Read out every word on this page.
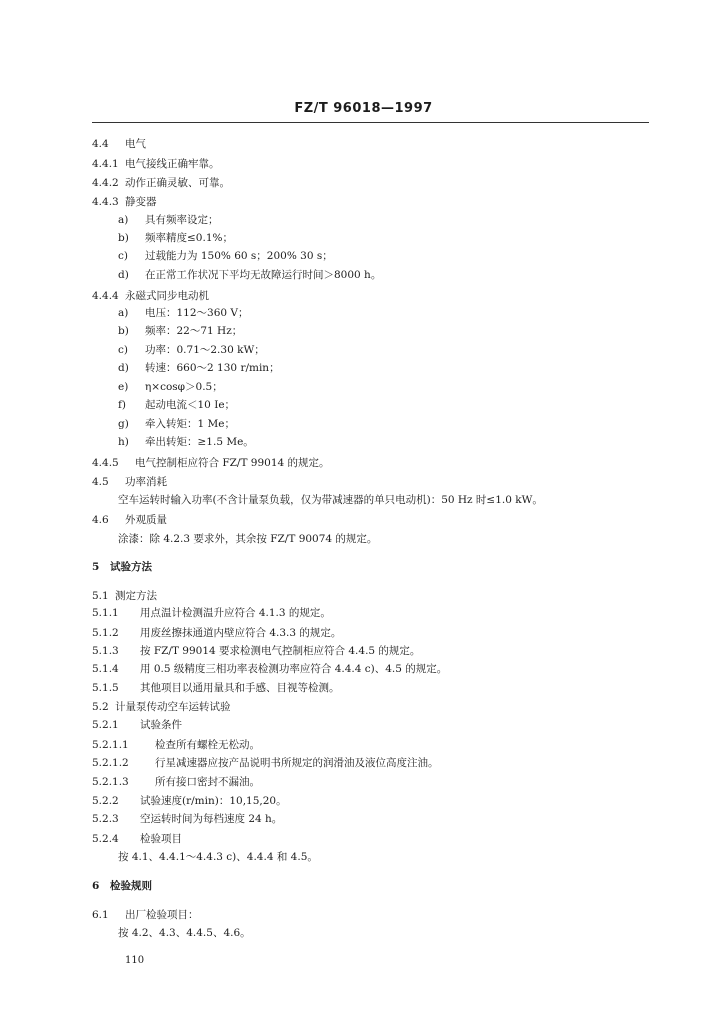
FZ/T 96018—1997
4.4 电气
4.4.1 电气接线正确牢靠。
4.4.2 动作正确灵敏、可靠。
4.4.3 静变器
a) 具有频率设定；
b) 频率精度≤0.1%；
c) 过载能力为 150% 60 s；200% 30 s；
d) 在正常工作状况下平均无故障运行时间＞8000 h。
4.4.4 永磁式同步电动机
a) 电压：112～360 V；
b) 频率：22～71 Hz；
c) 功率：0.71～2.30 kW；
d) 转速：660～2 130 r/min；
e) η×cosφ＞0.5；
f) 起动电流＜10 Ie；
g) 牵入转矩：1 Me；
h) 牵出转矩：≥1.5 Me。
4.4.5 电气控制柜应符合 FZ/T 99014 的规定。
4.5 功率消耗
空车运转时输入功率(不含计量泵负载，仅为带减速器的单只电动机)：50 Hz 时≤1.0 kW。
4.6 外观质量
涂漆：除 4.2.3 要求外，其余按 FZ/T 90074 的规定。
5 试验方法
5.1 测定方法
5.1.1 用点温计检测温升应符合 4.1.3 的规定。
5.1.2 用废丝擦抹通道内壁应符合 4.3.3 的规定。
5.1.3 按 FZ/T 99014 要求检测电气控制柜应符合 4.4.5 的规定。
5.1.4 用 0.5 级精度三相功率表检测功率应符合 4.4.4 c)、4.5 的规定。
5.1.5 其他项目以通用量具和手感、目视等检测。
5.2 计量泵传动空车运转试验
5.2.1 试验条件
5.2.1.1	检查所有螺栓无松动。
5.2.1.2	行星减速器应按产品说明书所规定的润滑油及液位高度注油。
5.2.1.3	所有接口密封不漏油。
5.2.2 试验速度(r/min)：10,15,20。
5.2.3 空运转时间为每档速度 24 h。
5.2.4 检验项目
按 4.1、4.4.1～4.4.3 c)、4.4.4 和 4.5。
6 检验规则
6.1 出厂检验项目：
按 4.2、4.3、4.4.5、4.6。
110
